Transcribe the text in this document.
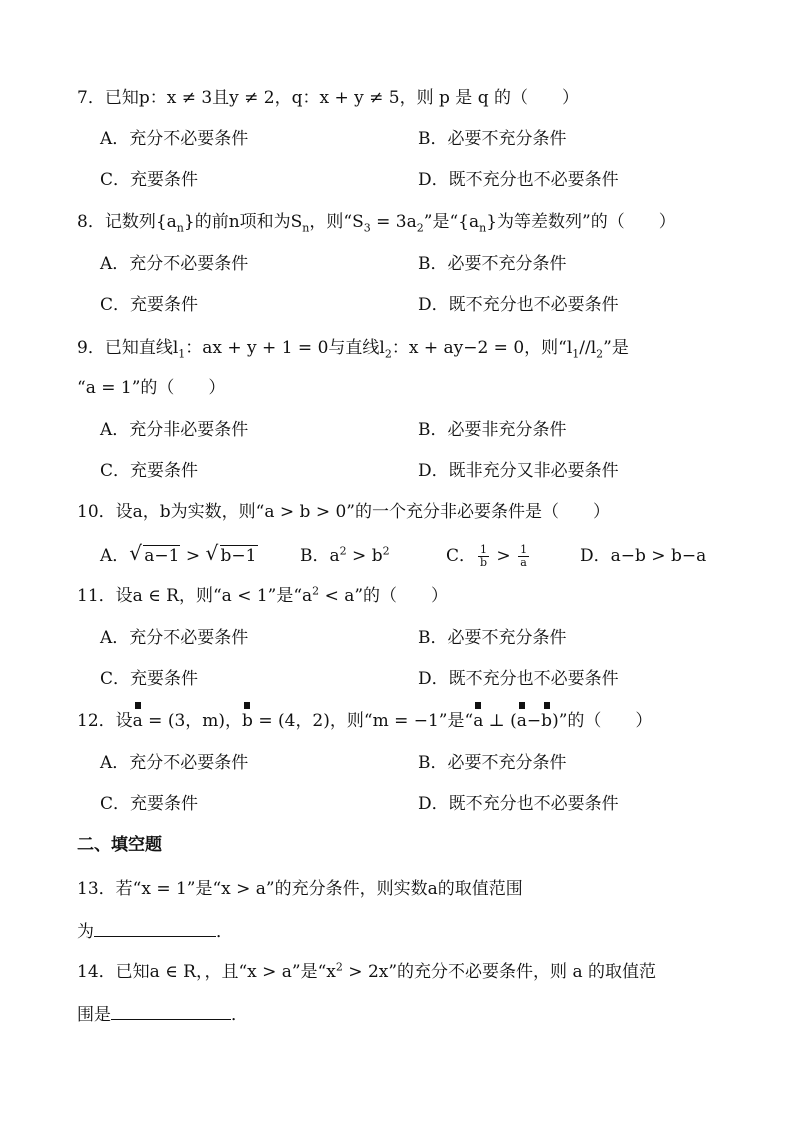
7．已知p：x ≠ 3且y ≠ 2，q：x + y ≠ 5，则 p 是 q 的（　　）
A．充分不必要条件	B．必要不充分条件
C．充要条件	D．既不充分也不必要条件
8．记数列$\{a_n\}$的前n项和为$S_n$，则“$S_3 = 3a_2$”是“$\{a_n\}$为等差数列”的（　　）
A．充分不必要条件	B．必要不充分条件
C．充要条件	D．既不充分也不必要条件
9．已知直线$l_1$：ax + y + 1 = 0与直线$l_2$：x + ay−2 = 0，则“$l_1//l_2$”是
“a = 1”的（　　）
A．充分非必要条件	B．必要非充分条件
C．充要条件	D．既非充分又非必要条件
10．设a，b为实数，则“a > b > 0”的一个充分非必要条件是（　　）
A． √ a−1 > √ b−1	B．$a^2 > b^2$	C． $\frac{1}{b} > \frac{1}{a}$	D．a−b > b−a
11．设a ∈ R，则“a < 1”是“$a^2 < a$”的（　　）
A．充分不必要条件	B．必要不充分条件
C．充要条件	D．既不充分也不必要条件
12．设a = (3，m)，b = (4，2)，则“m = −1”是“a ⊥ (a−b)”的（　　）
A．充分不必要条件	B．必要不充分条件
C．充要条件	D．既不充分也不必要条件
二、填空题
13．若“x = 1”是“x > a”的充分条件，则实数a的取值范围
为	．
14．已知a ∈ R，，且“x > a”是“$x^2 > 2x$”的充分不必要条件，则 a 的取值范
围是	．
